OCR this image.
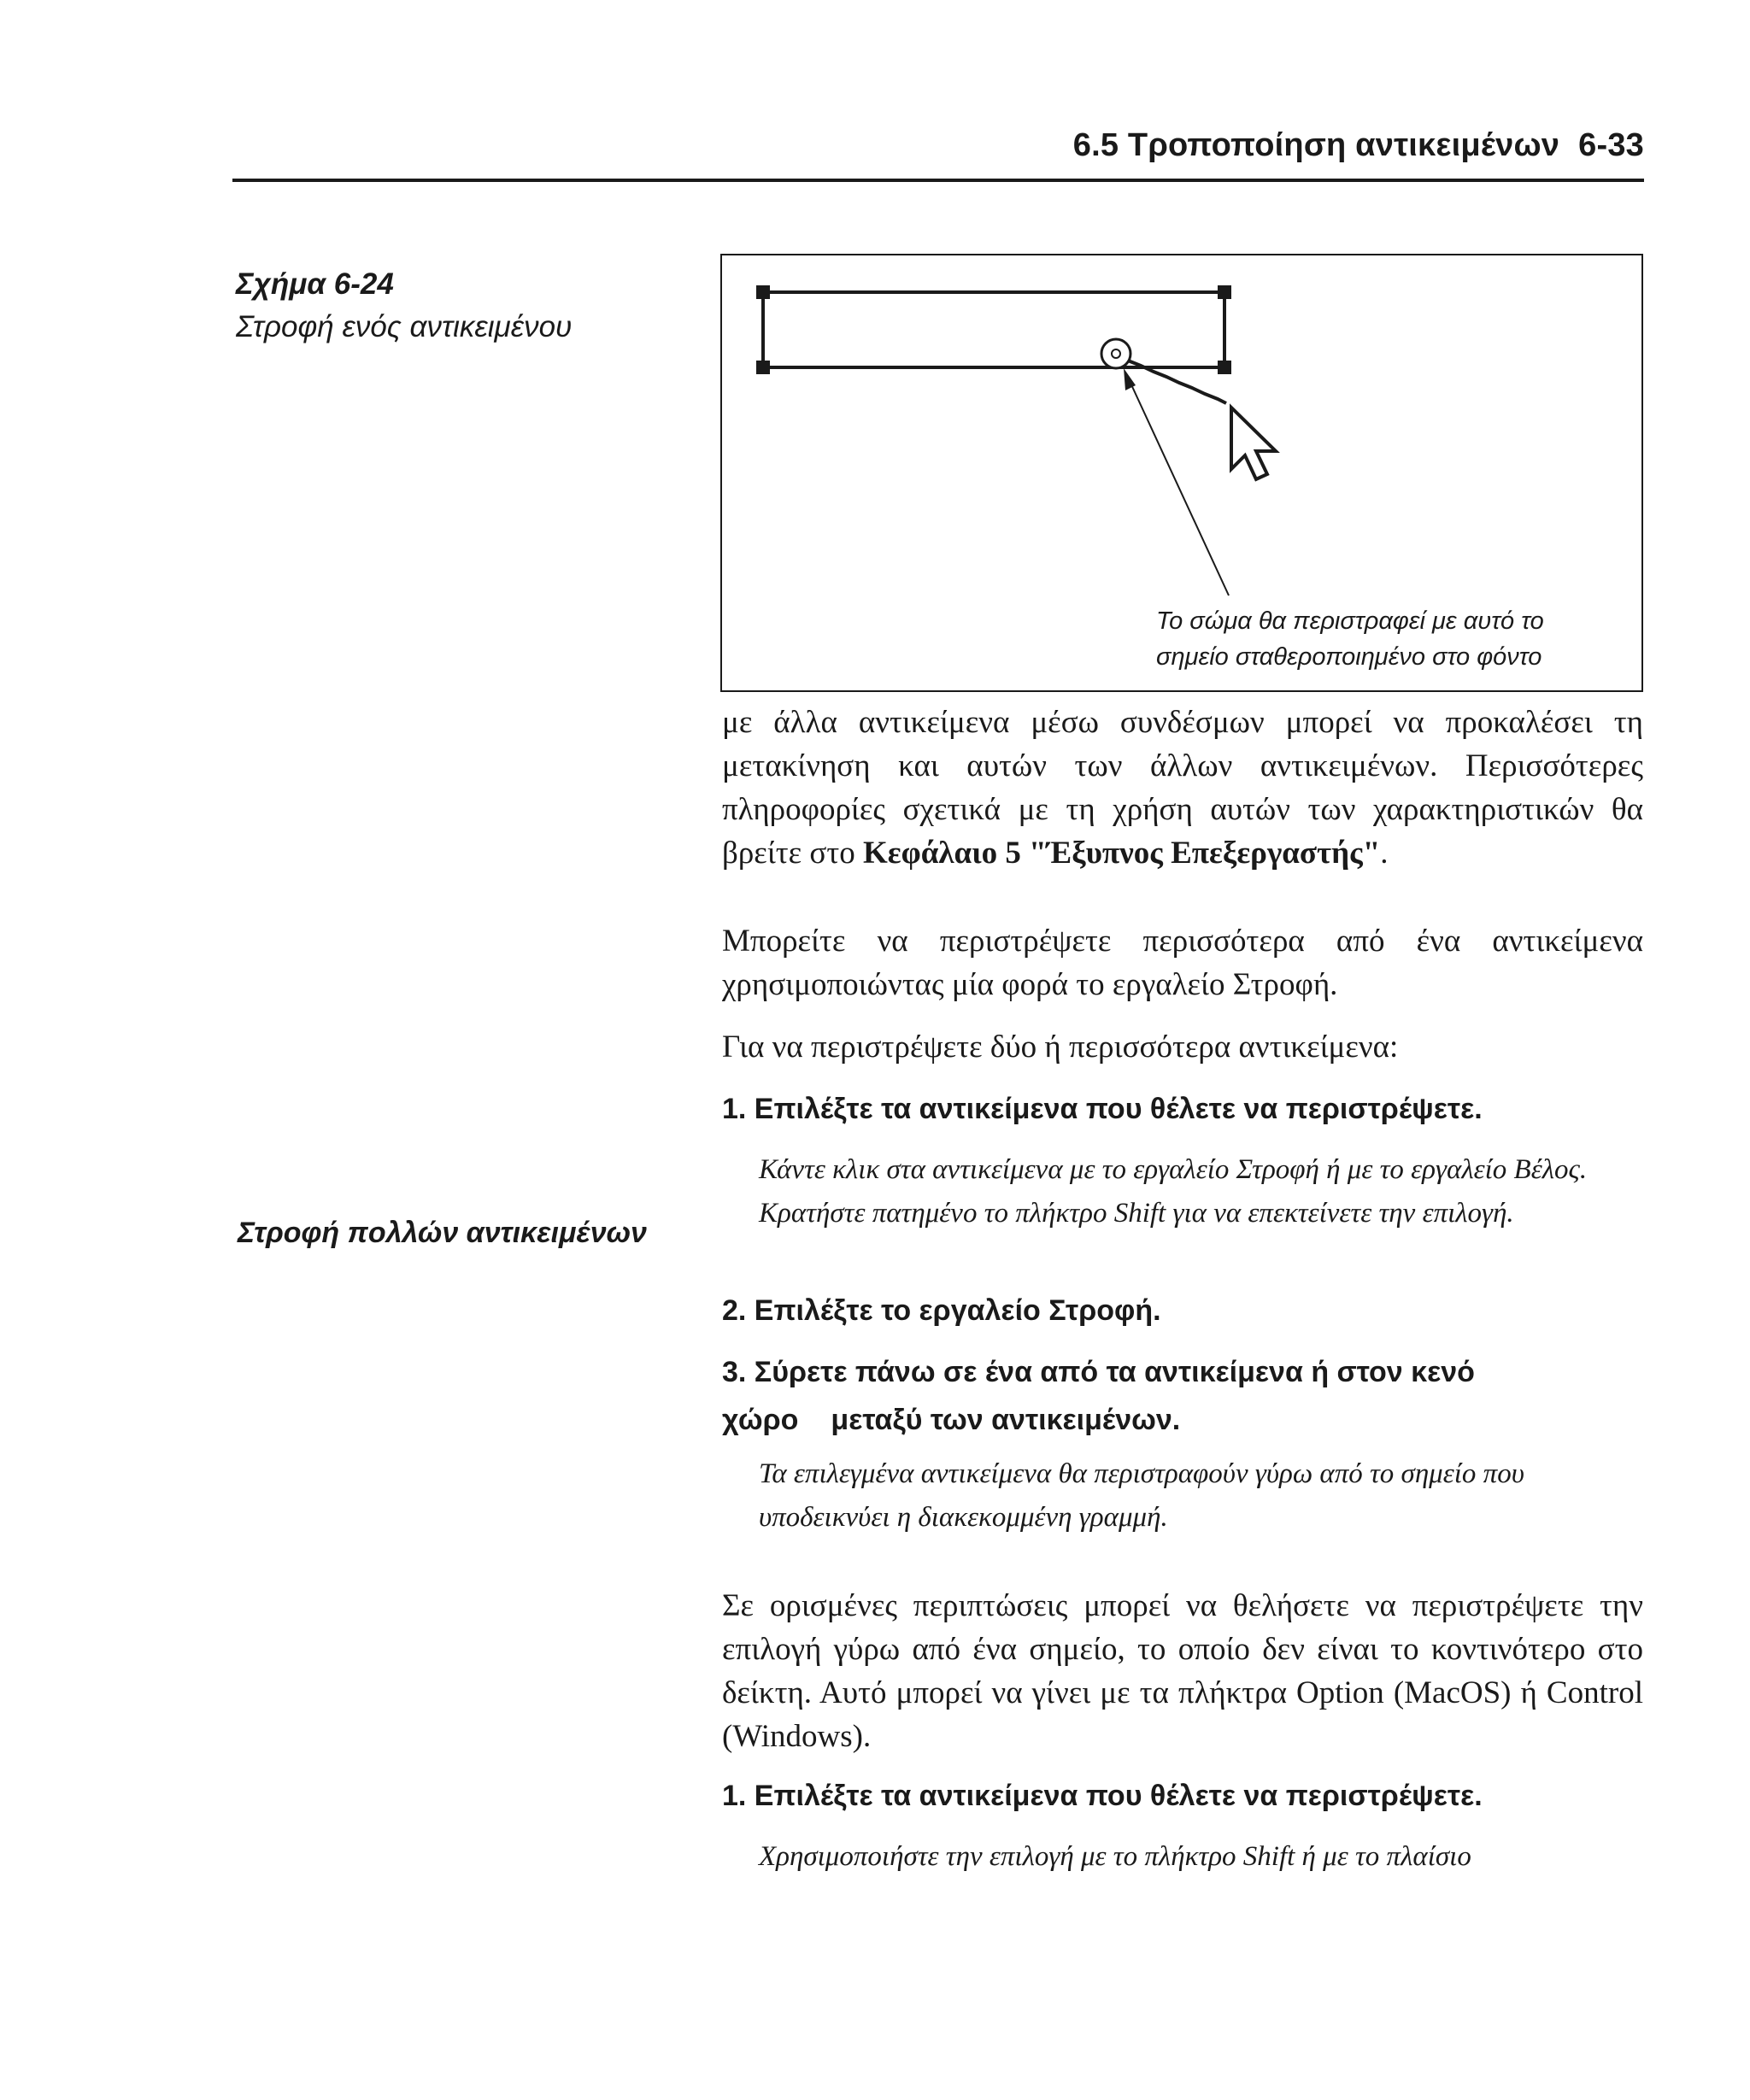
6.5 Τροποποίηση αντικειμένων 6-33
Σχήμα 6-24
Στροφή ενός αντικειμένου
Το σώμα θα περιστραφεί με αυτό το
σημείο σταθεροποιημένο στο φόντο
με άλλα αντικείμενα μέσω συνδέσμων μπορεί να προκαλέσει τη μετακίνηση και αυτών των άλλων αντικειμένων. Περισσότερες πληροφορίες σχετικά με τη χρήση αυτών των χαρακτηριστικών θα βρείτε στο Κεφάλαιο 5 "Έξυπνος Επεξεργαστής".
Μπορείτε να περιστρέψετε περισσότερα από ένα αντικείμενα χρησιμοποιώντας μία φορά το εργαλείο Στροφή.
Για να περιστρέψετε δύο ή περισσότερα αντικείμενα:
1. Επιλέξτε τα αντικείμενα που θέλετε να περιστρέψετε.
Κάντε κλικ στα αντικείμενα με το εργαλείο Στροφή ή με το εργαλείο Βέλος. Κρατήστε πατημένο το πλήκτρο Shift για να επεκτείνετε την επιλογή.
Στροφή πολλών αντικειμένων
2. Επιλέξτε το εργαλείο Στροφή.
3. Σύρετε πάνω σε ένα από τα αντικείμενα ή στον κενό
χώρο μεταξύ των αντικειμένων.
Τα επιλεγμένα αντικείμενα θα περιστραφούν γύρω από το σημείο που υποδεικνύει η διακεκομμένη γραμμή.
Σε ορισμένες περιπτώσεις μπορεί να θελήσετε να περιστρέψετε την επιλογή γύρω από ένα σημείο, το οποίο δεν είναι το κοντινότερο στο δείκτη. Αυτό μπορεί να γίνει με τα πλήκτρα Option (MacOS) ή Control (Windows).
1. Επιλέξτε τα αντικείμενα που θέλετε να περιστρέψετε.
Χρησιμοποιήστε την επιλογή με το πλήκτρο Shift ή με το πλαίσιο
